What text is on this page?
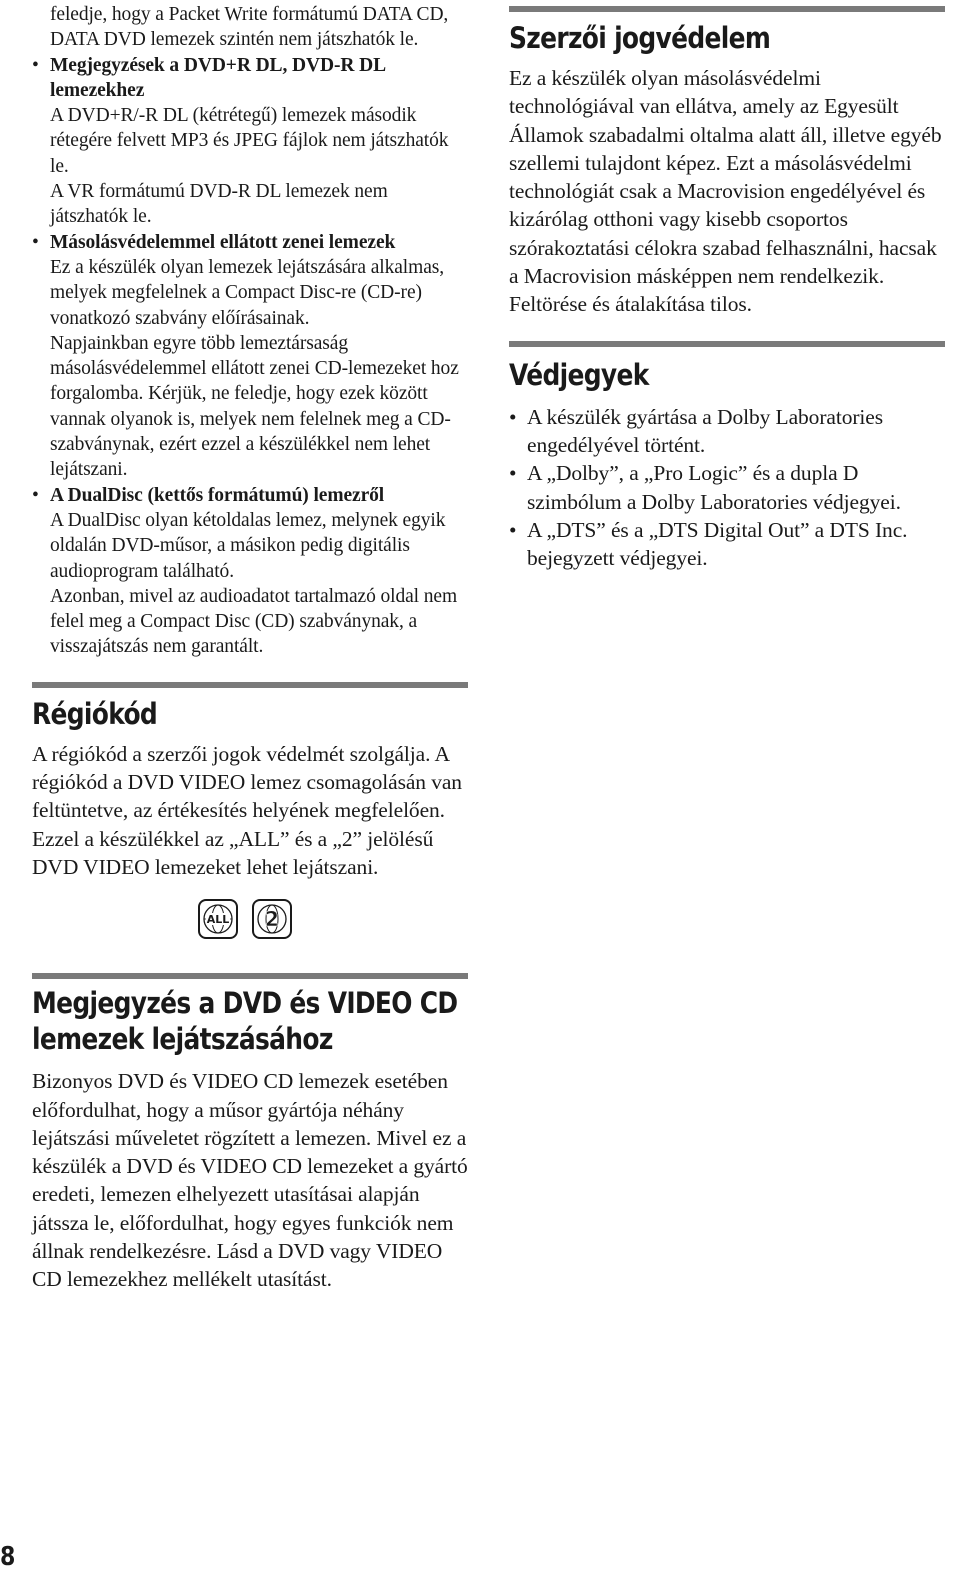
feledje, hogy a Packet Write formátumú DATA CD, DATA DVD lemezek szintén nem játszhatók le.
• Megjegyzések a DVD+R DL, DVD-R DL lemezekhez
A DVD+R/-R DL (kétrétegű) lemezek második rétegére felvett MP3 és JPEG fájlok nem játszhatók le.
A VR formátumú DVD-R DL lemezek nem játszhatók le.
• Másolásvédelemmel ellátott zenei lemezek
Ez a készülék olyan lemezek lejátszására alkalmas, melyek megfelelnek a Compact Disc-re (CD-re) vonatkozó szabvány előírásainak.
Napjainkban egyre több lemeztársaság másolásvédelemmel ellátott zenei CD-lemezeket hoz forgalomba. Kérjük, ne feledje, hogy ezek között vannak olyanok is, melyek nem felelnek meg a CD-szabványnak, ezért ezzel a készülékkel nem lehet lejátszani.
• A DualDisc (kettős formátumú) lemezről
A DualDisc olyan kétoldalas lemez, melynek egyik oldalán DVD-műsor, a másikon pedig digitális audioprogram található.
Azonban, mivel az audioadatot tartalmazó oldal nem felel meg a Compact Disc (CD) szabványnak, a visszajátszás nem garantált.
Régiókód
A régiókód a szerzői jogok védelmét szolgálja. A régiókód a DVD VIDEO lemez csomagolásán van feltüntetve, az értékesítés helyének megfelelően. Ezzel a készülékkel az „ALL” és a „2” jelölésű DVD VIDEO lemezeket lehet lejátszani.
ALL 2
Megjegyzés a DVD és VIDEO CD
lemezek lejátszásához
Bizonyos DVD és VIDEO CD lemezek esetében előfordulhat, hogy a műsor gyártója néhány lejátszási műveletet rögzített a lemezen. Mivel ez a készülék a DVD és VIDEO CD lemezeket a gyártó eredeti, lemezen elhelyezett utasításai alapján játssza le, előfordulhat, hogy egyes funkciók nem állnak rendelkezésre. Lásd a DVD vagy VIDEO CD lemezekhez mellékelt utasítást.
Szerzői jogvédelem
Ez a készülék olyan másolásvédelmi technológiával van ellátva, amely az Egyesült Államok szabadalmi oltalma alatt áll, illetve egyéb szellemi tulajdont képez. Ezt a másolásvédelmi technológiát csak a Macrovision engedélyével és kizárólag otthoni vagy kisebb csoportos szórakoztatási célokra szabad felhasználni, hacsak a Macrovision másképpen nem rendelkezik. Feltörése és átalakítása tilos.
Védjegyek
• A készülék gyártása a Dolby Laboratories engedélyével történt.
• A „Dolby”, a „Pro Logic” és a dupla D szimbólum a Dolby Laboratories védjegyei.
• A „DTS” és a „DTS Digital Out” a DTS Inc. bejegyzett védjegyei.
8
